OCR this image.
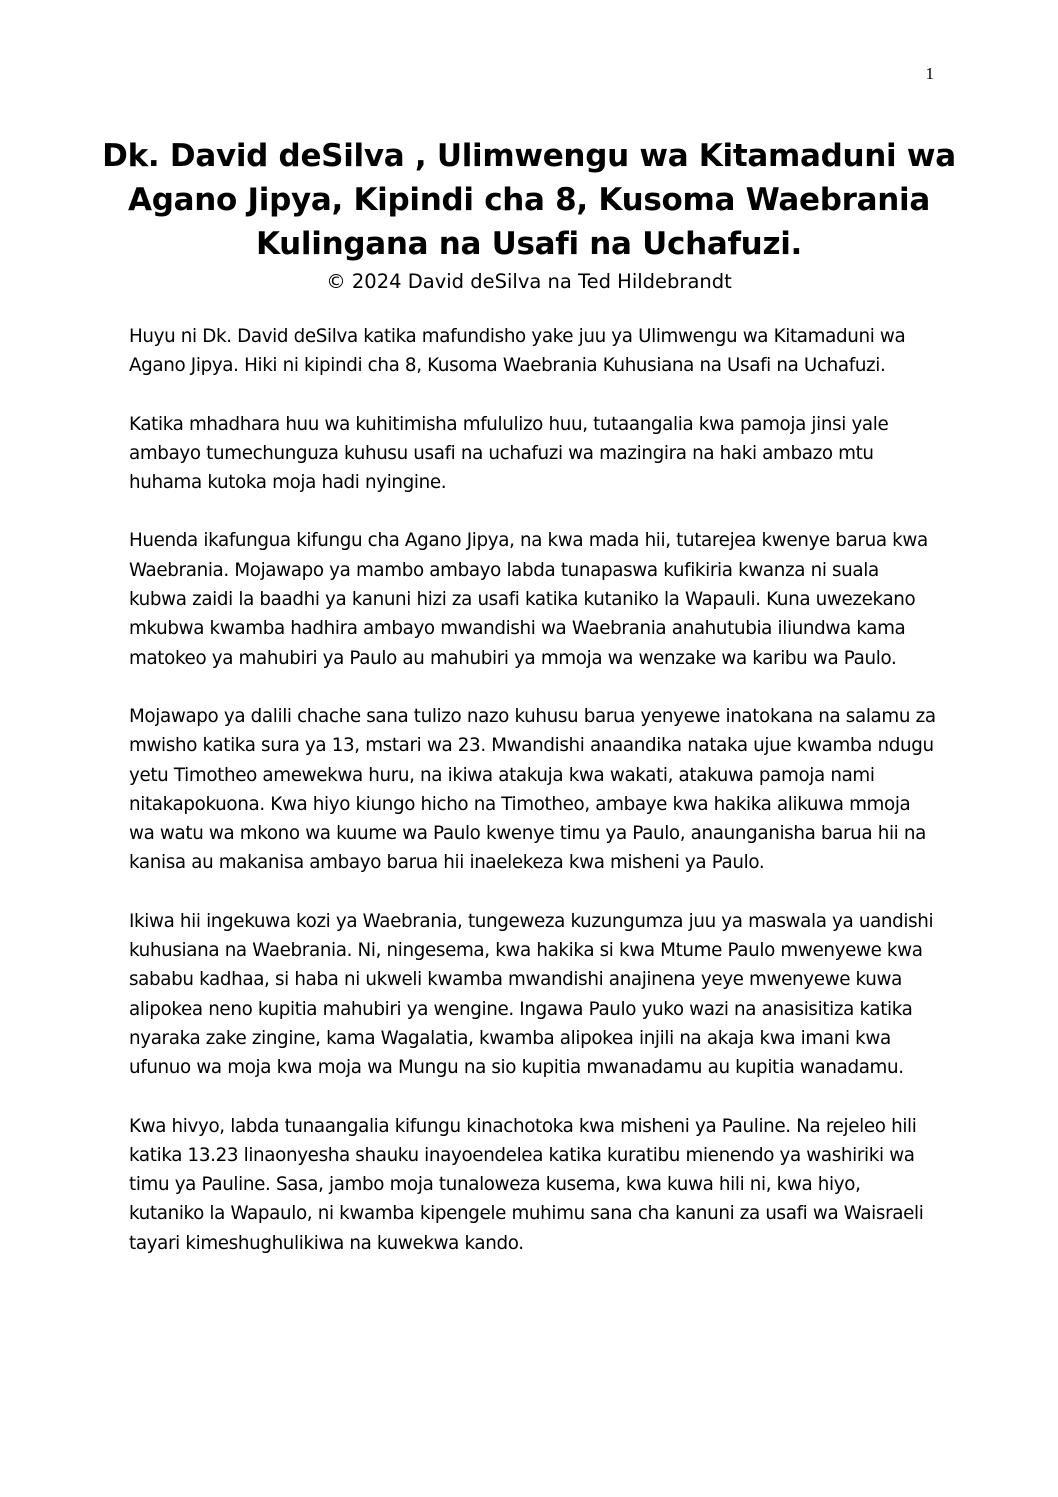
1
Dk. David deSilva , Ulimwengu wa Kitamaduni wa Agano Jipya, Kipindi cha 8, Kusoma Waebrania Kulingana na Usafi na Uchafuzi.
© 2024 David deSilva na Ted Hildebrandt

Huyu ni Dk. David deSilva katika mafundisho yake juu ya Ulimwengu wa Kitamaduni wa Agano Jipya. Hiki ni kipindi cha 8, Kusoma Waebrania Kuhusiana na Usafi na Uchafuzi.

Katika mhadhara huu wa kuhitimisha mfululizo huu, tutaangalia kwa pamoja jinsi yale ambayo tumechunguza kuhusu usafi na uchafuzi wa mazingira na haki ambazo mtu huhama kutoka moja hadi nyingine.

Huenda ikafungua kifungu cha Agano Jipya, na kwa mada hii, tutarejea kwenye barua kwa Waebrania. Mojawapo ya mambo ambayo labda tunapaswa kufikiria kwanza ni suala kubwa zaidi la baadhi ya kanuni hizi za usafi katika kutaniko la Wapauli. Kuna uwezekano mkubwa kwamba hadhira ambayo mwandishi wa Waebrania anahutubia iliundwa kama matokeo ya mahubiri ya Paulo au mahubiri ya mmoja wa wenzake wa karibu wa Paulo.

Mojawapo ya dalili chache sana tulizo nazo kuhusu barua yenyewe inatokana na salamu za mwisho katika sura ya 13, mstari wa 23. Mwandishi anaandika nataka ujue kwamba ndugu yetu Timotheo amewekwa huru, na ikiwa atakuja kwa wakati, atakuwa pamoja nami nitakapokuona. Kwa hiyo kiungo hicho na Timotheo, ambaye kwa hakika alikuwa mmoja wa watu wa mkono wa kuume wa Paulo kwenye timu ya Paulo, anaunganisha barua hii na kanisa au makanisa ambayo barua hii inaelekeza kwa misheni ya Paulo.

Ikiwa hii ingekuwa kozi ya Waebrania, tungeweza kuzungumza juu ya maswala ya uandishi kuhusiana na Waebrania. Ni, ningesema, kwa hakika si kwa Mtume Paulo mwenyewe kwa sababu kadhaa, si haba ni ukweli kwamba mwandishi anajinena yeye mwenyewe kuwa alipokea neno kupitia mahubiri ya wengine. Ingawa Paulo yuko wazi na anasisitiza katika nyaraka zake zingine, kama Wagalatia, kwamba alipokea injili na akaja kwa imani kwa ufunuo wa moja kwa moja wa Mungu na sio kupitia mwanadamu au kupitia wanadamu.

Kwa hivyo, labda tunaangalia kifungu kinachotoka kwa misheni ya Pauline. Na rejeleo hili katika 13.23 linaonyesha shauku inayoendelea katika kuratibu mienendo ya washiriki wa timu ya Pauline. Sasa, jambo moja tunaloweza kusema, kwa kuwa hili ni, kwa hiyo, kutaniko la Wapaulo, ni kwamba kipengele muhimu sana cha kanuni za usafi wa Waisraeli tayari kimeshughulikiwa na kuwekwa kando.
